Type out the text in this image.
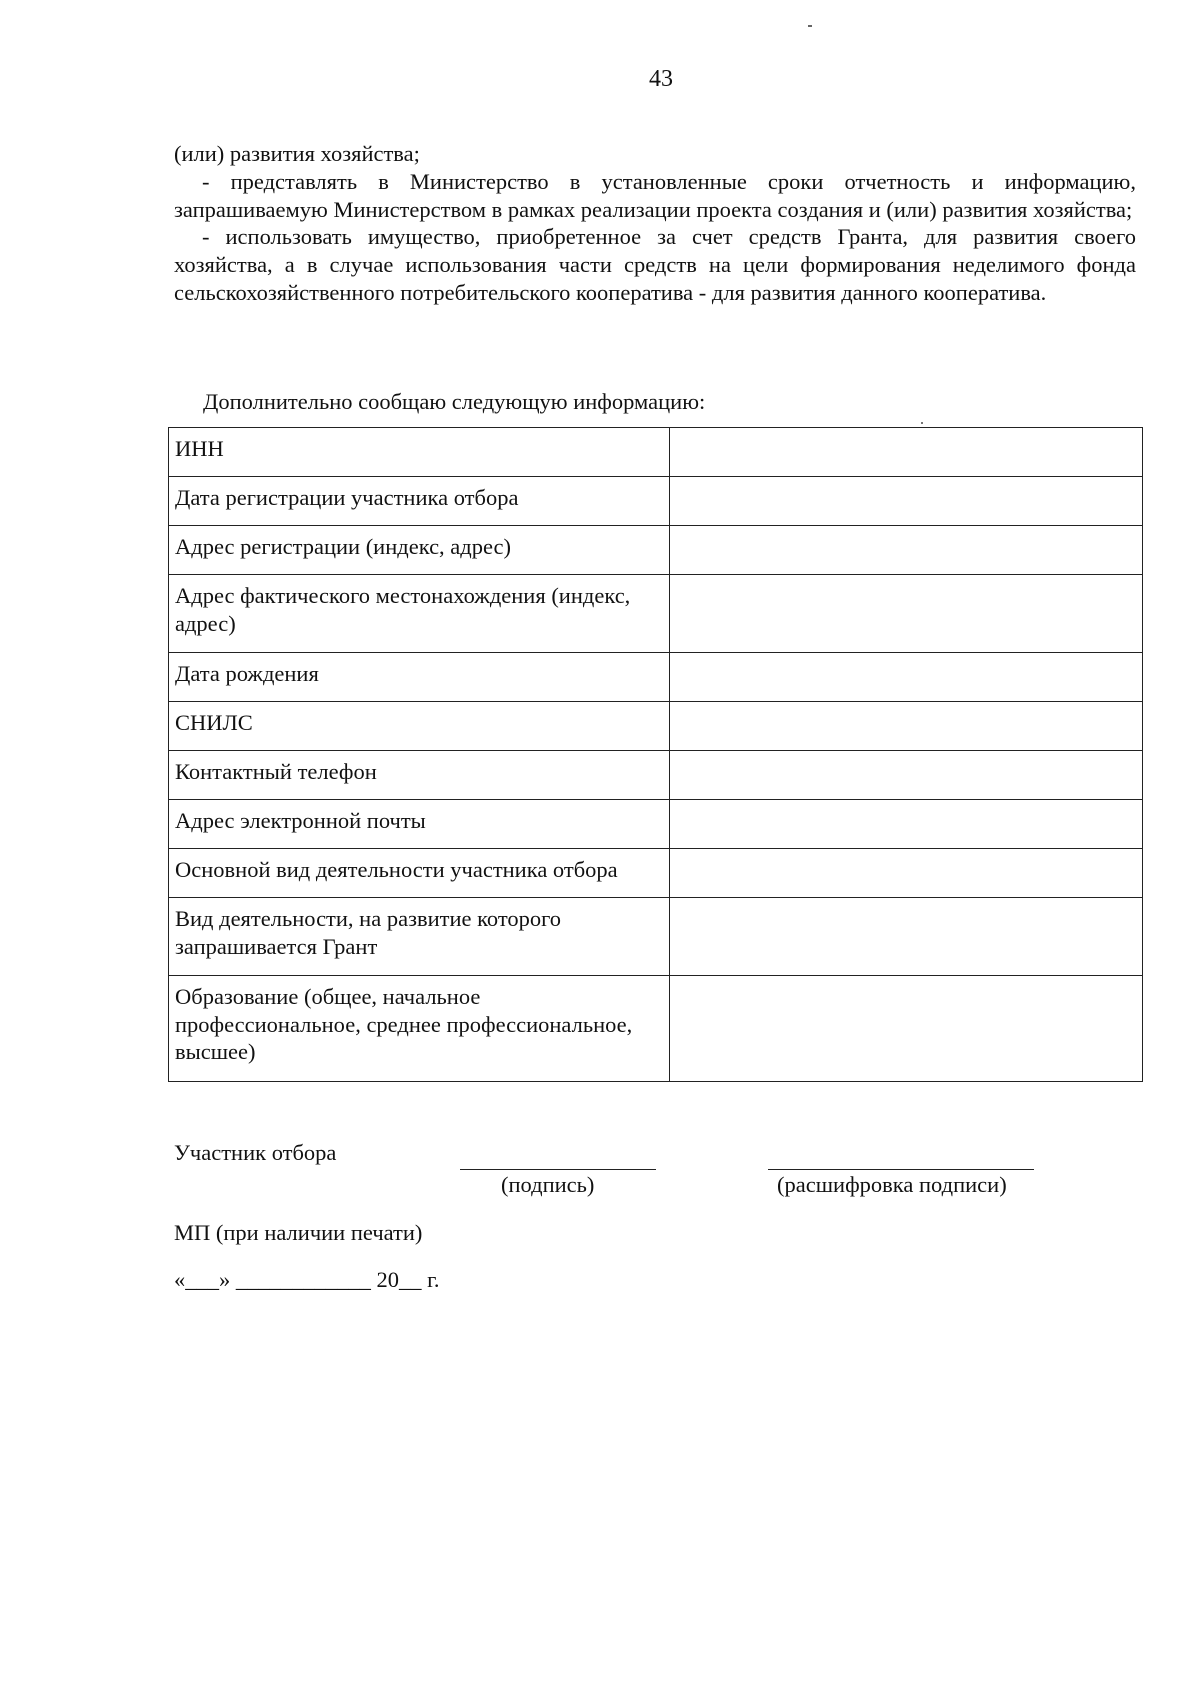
43

(или) развития хозяйства;

- представлять в Министерство в установленные сроки отчетность и информацию, запрашиваемую Министерством в рамках реализации проекта создания и (или) развития хозяйства;

- использовать имущество, приобретенное за счет средств Гранта, для развития своего хозяйства, а в случае использования части средств на цели формирования неделимого фонда сельскохозяйственного потребительского кооператива - для развития данного кооператива.

Дополнительно сообщаю следующую информацию:
ИНН	
Дата регистрации участника отбора	
Адрес регистрации (индекс, адрес)	
Адрес фактического местонахождения (индекс, адрес)	
Дата рождения	
СНИЛС	
Контактный телефон	
Адрес электронной почты	
Основной вид деятельности участника отбора	
Вид деятельности, на развитие которого запрашивается Грант	
Образование (общее, начальное профессиональное, среднее профессиональное, высшее)	
Участник отбора
(подпись)	(расшифровка подписи)
МП (при наличии печати)
«___» ____________ 20__ г.
